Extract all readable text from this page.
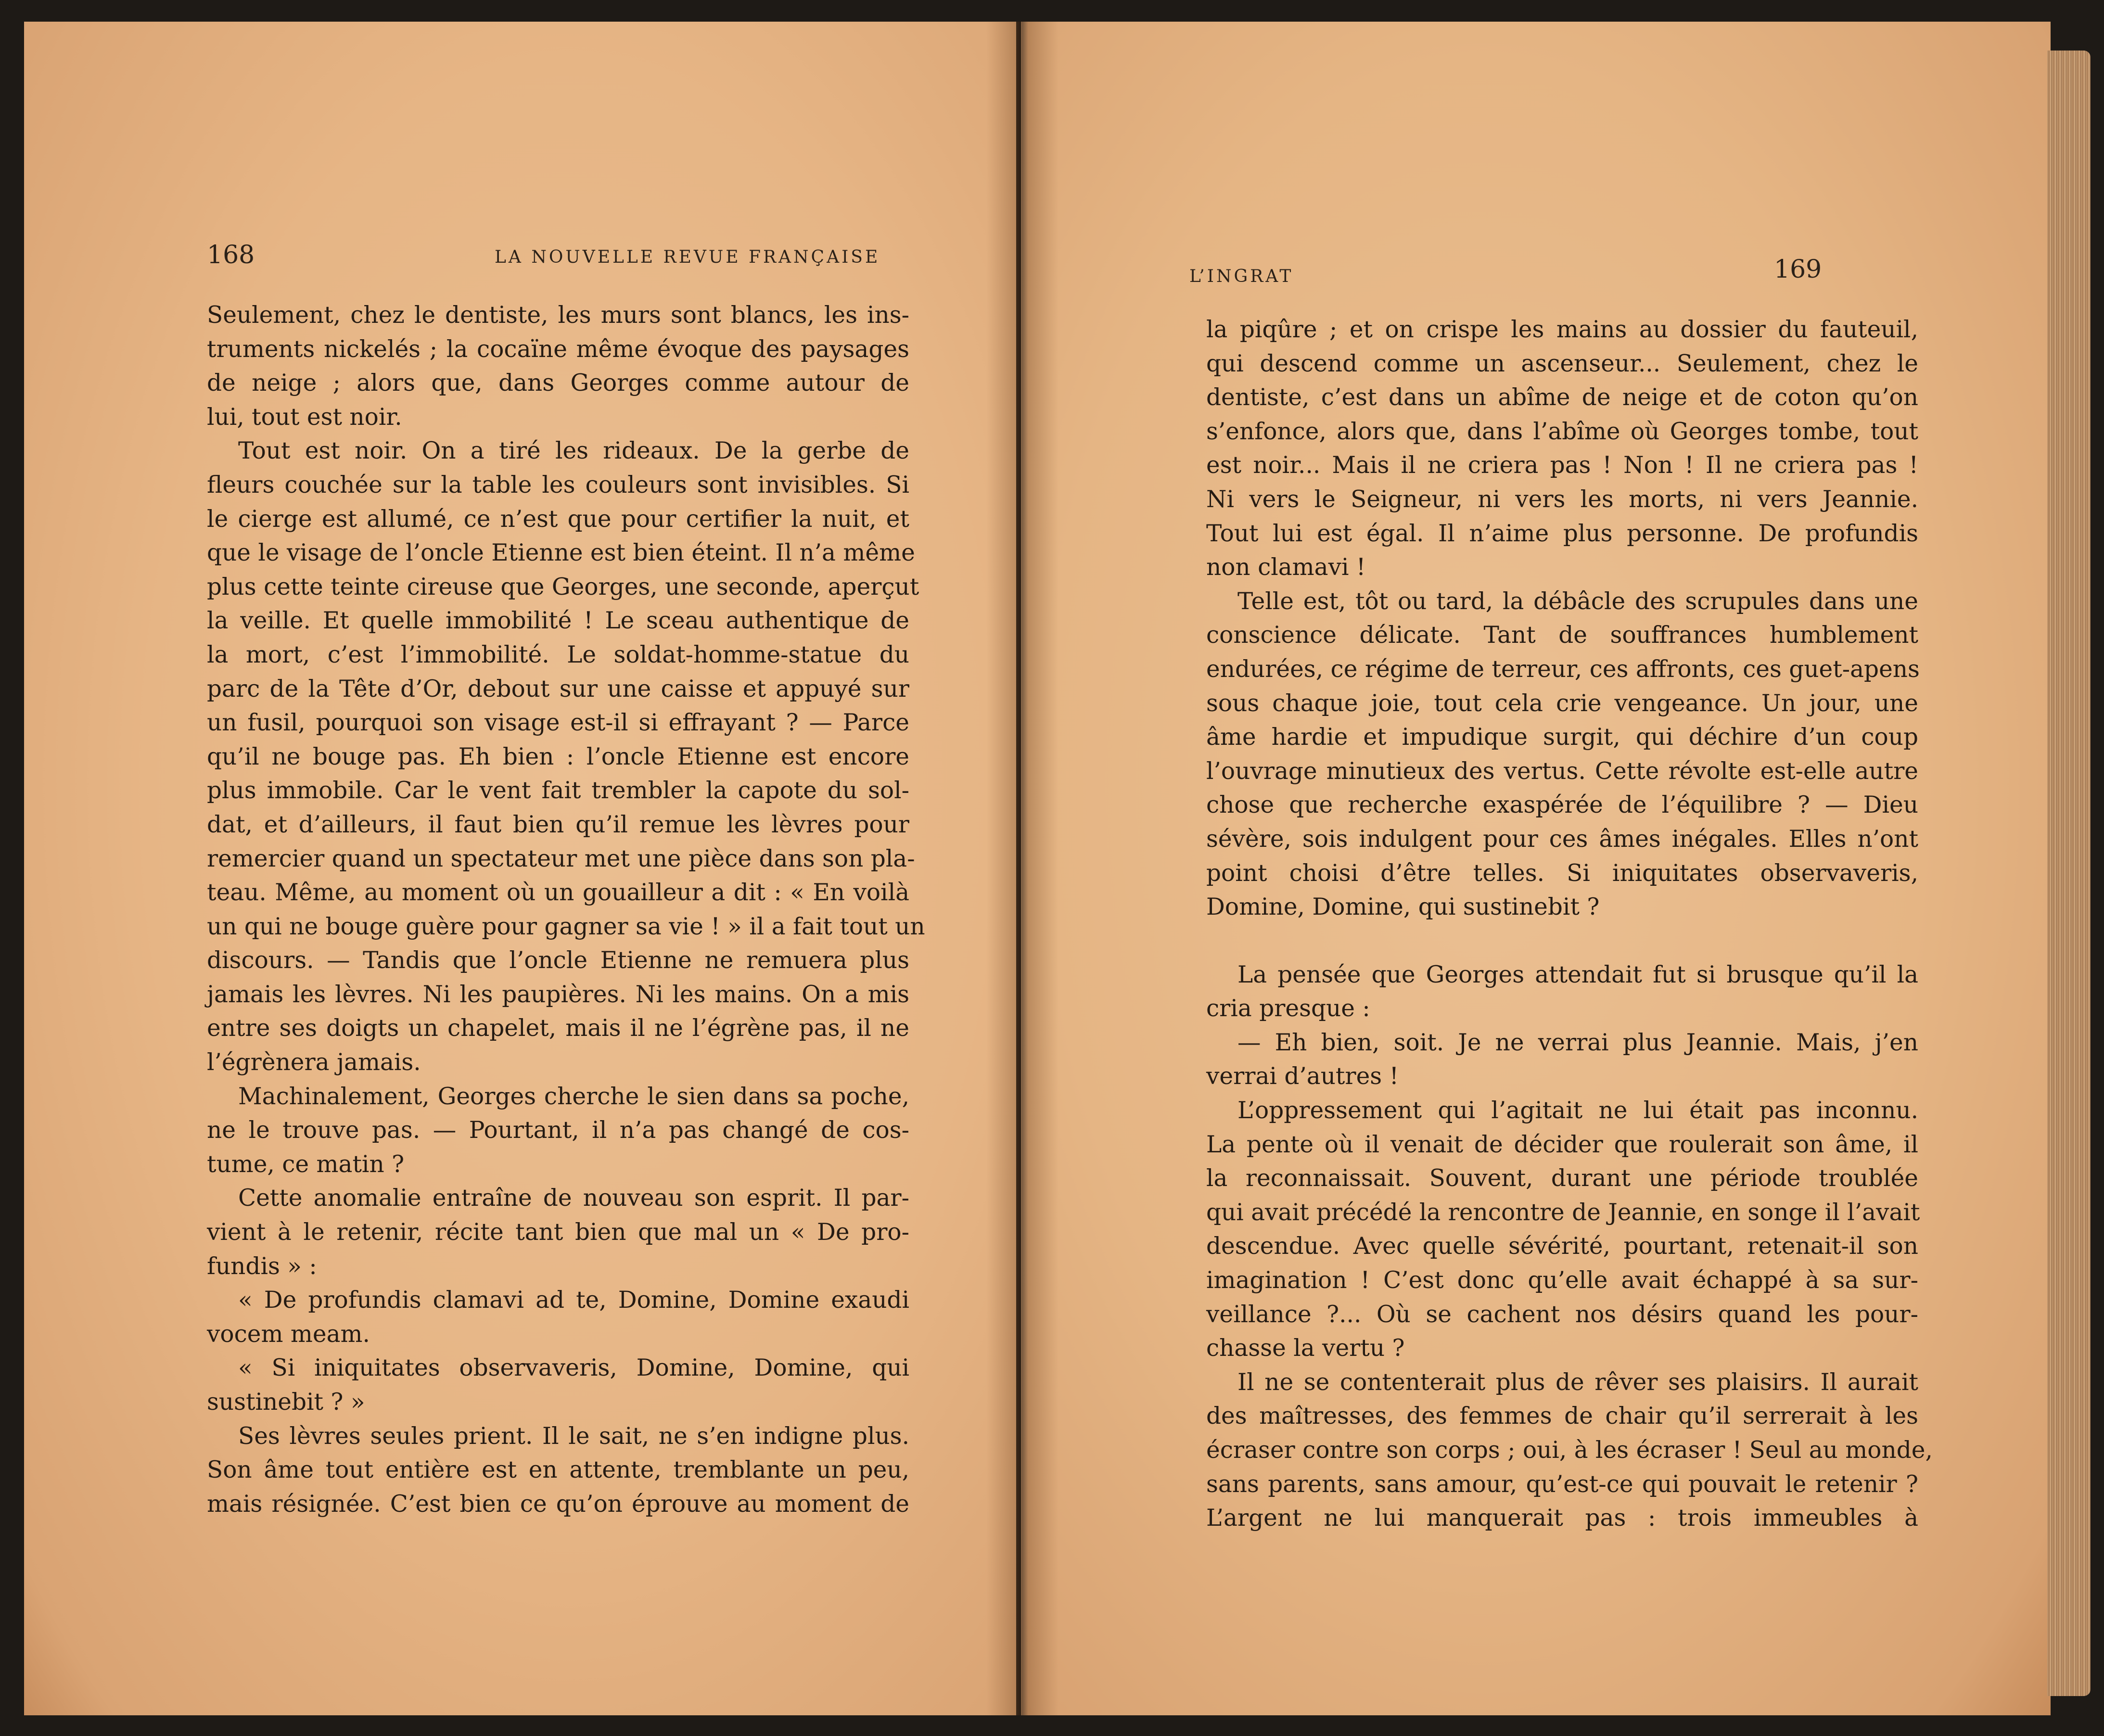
168	LA NOUVELLE REVUE FRANÇAISE
Seulement, chez le dentiste, les murs sont blancs, les ins-
truments nickelés ; la cocaïne même évoque des paysages
de neige ; alors que, dans Georges comme autour de
lui, tout est noir.
Tout est noir. On a tiré les rideaux. De la gerbe de
fleurs couchée sur la table les couleurs sont invisibles. Si
le cierge est allumé, ce n’est que pour certifier la nuit, et
que le visage de l’oncle Etienne est bien éteint. Il n’a même
plus cette teinte cireuse que Georges, une seconde, aperçut
la veille. Et quelle immobilité ! Le sceau authentique de
la mort, c’est l’immobilité. Le soldat-homme-statue du
parc de la Tête d’Or, debout sur une caisse et appuyé sur
un fusil, pourquoi son visage est-il si effrayant ? — Parce
qu’il ne bouge pas. Eh bien : l’oncle Etienne est encore
plus immobile. Car le vent fait trembler la capote du sol-
dat, et d’ailleurs, il faut bien qu’il remue les lèvres pour
remercier quand un spectateur met une pièce dans son pla-
teau. Même, au moment où un gouailleur a dit : « En voilà
un qui ne bouge guère pour gagner sa vie ! » il a fait tout un
discours. — Tandis que l’oncle Etienne ne remuera plus
jamais les lèvres. Ni les paupières. Ni les mains. On a mis
entre ses doigts un chapelet, mais il ne l’égrène pas, il ne
l’égrènera jamais.
Machinalement, Georges cherche le sien dans sa poche,
ne le trouve pas. — Pourtant, il n’a pas changé de cos-
tume, ce matin ?
Cette anomalie entraîne de nouveau son esprit. Il par-
vient à le retenir, récite tant bien que mal un « De pro-
fundis » :
« De profundis clamavi ad te, Domine, Domine exaudi
vocem meam.
« Si iniquitates observaveris, Domine, Domine, qui
sustinebit ? »
Ses lèvres seules prient. Il le sait, ne s’en indigne plus.
Son âme tout entière est en attente, tremblante un peu,
mais résignée. C’est bien ce qu’on éprouve au moment de
L’INGRAT	169
la piqûre ; et on crispe les mains au dossier du fauteuil,
qui descend comme un ascenseur... Seulement, chez le
dentiste, c’est dans un abîme de neige et de coton qu’on
s’enfonce, alors que, dans l’abîme où Georges tombe, tout
est noir... Mais il ne criera pas ! Non ! Il ne criera pas !
Ni vers le Seigneur, ni vers les morts, ni vers Jeannie.
Tout lui est égal. Il n’aime plus personne. De profundis
non clamavi !
Telle est, tôt ou tard, la débâcle des scrupules dans une
conscience délicate. Tant de souffrances humblement
endurées, ce régime de terreur, ces affronts, ces guet-apens
sous chaque joie, tout cela crie vengeance. Un jour, une
âme hardie et impudique surgit, qui déchire d’un coup
l’ouvrage minutieux des vertus. Cette révolte est-elle autre
chose que recherche exaspérée de l’équilibre ? — Dieu
sévère, sois indulgent pour ces âmes inégales. Elles n’ont
point choisi d’être telles. Si iniquitates observaveris,
Domine, Domine, qui sustinebit ?
La pensée que Georges attendait fut si brusque qu’il la
cria presque :
— Eh bien, soit. Je ne verrai plus Jeannie. Mais, j’en
verrai d’autres !
L’oppressement qui l’agitait ne lui était pas inconnu.
La pente où il venait de décider que roulerait son âme, il
la reconnaissait. Souvent, durant une période troublée
qui avait précédé la rencontre de Jeannie, en songe il l’avait
descendue. Avec quelle sévérité, pourtant, retenait-il son
imagination ! C’est donc qu’elle avait échappé à sa sur-
veillance ?... Où se cachent nos désirs quand les pour-
chasse la vertu ?
Il ne se contenterait plus de rêver ses plaisirs. Il aurait
des maîtresses, des femmes de chair qu’il serrerait à les
écraser contre son corps ; oui, à les écraser ! Seul au monde,
sans parents, sans amour, qu’est-ce qui pouvait le retenir ?
L’argent ne lui manquerait pas : trois immeubles à
